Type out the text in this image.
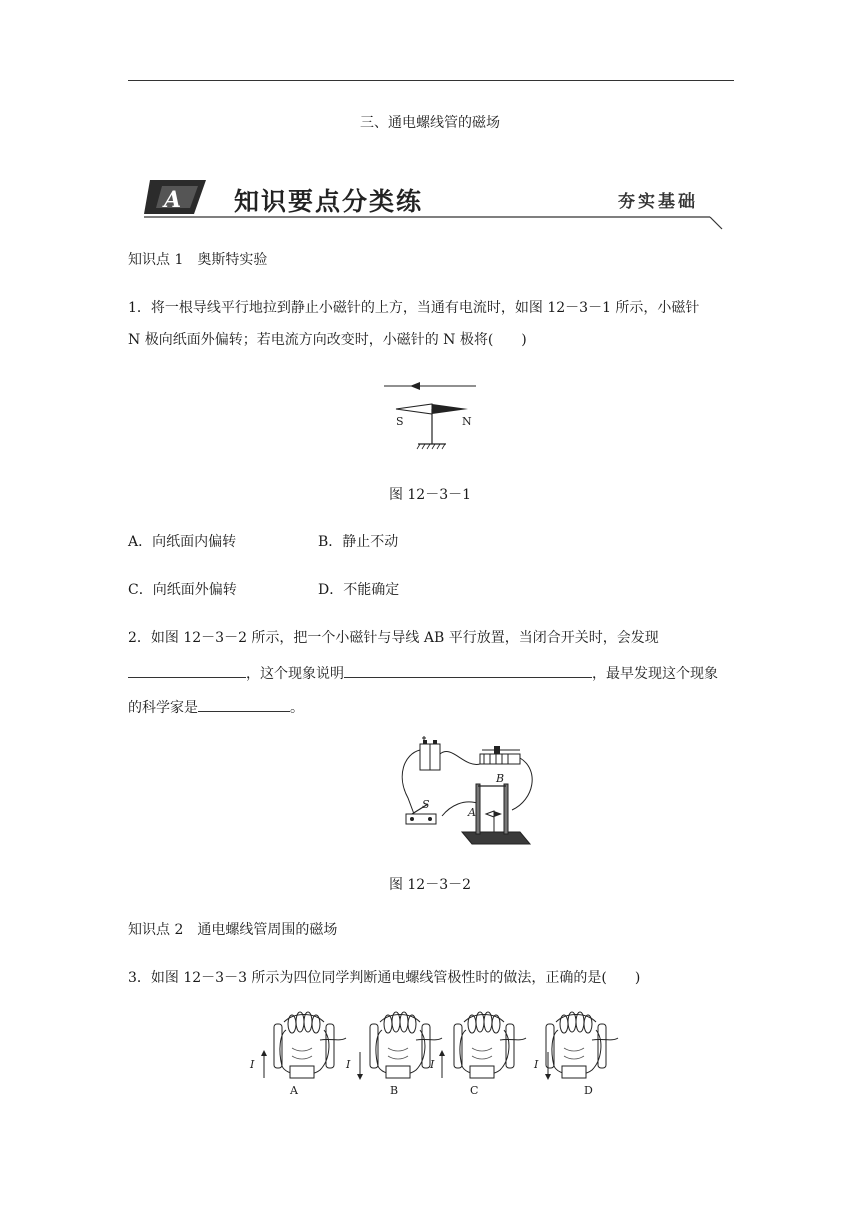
三、通电螺线管的磁场
A 知识要点分类练	夯实基础
知识点 1　奥斯特实验
1．将一根导线平行地拉到静止小磁针的上方，当通有电流时，如图 12－3－1 所示，小磁针
N 极向纸面外偏转；若电流方向改变时，小磁针的 N 极将(　　)
S	N
图 12－3－1
A．向纸面内偏转	B．静止不动
C．向纸面外偏转	D．不能确定
2．如图 12－3－2 所示，把一个小磁针与导线 AB 平行放置，当闭合开关时，会发现
，这个现象说明	，最早发现这个现象
的科学家是	。
S
A
B
图 12－3－2
知识点 2　通电螺线管周围的磁场
3．如图 12－3－3 所示为四位同学判断通电螺线管极性时的做法，正确的是(　　)
I	I	I	I
A	B	C	D
